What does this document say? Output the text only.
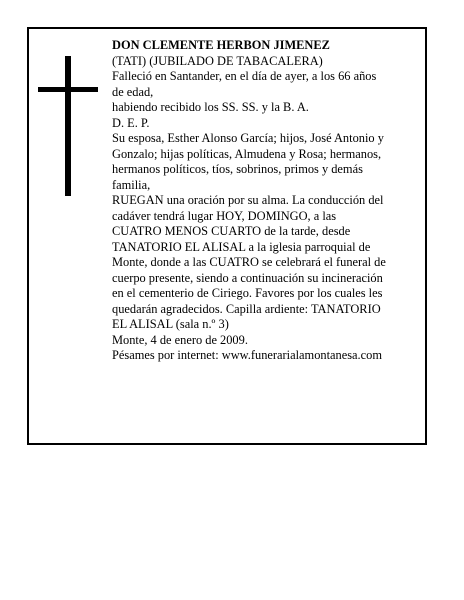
DON CLEMENTE HERBON JIMENEZ
(TATI) (JUBILADO DE TABACALERA)
Falleció en Santander, en el día de ayer, a los 66 años
de edad,
habiendo recibido los SS. SS. y la B. A.
D. E. P.
Su esposa, Esther Alonso García; hijos, José Antonio y
Gonzalo; hijas políticas, Almudena y Rosa; hermanos,
hermanos políticos, tíos, sobrinos, primos y demás
familia,
RUEGAN una oración por su alma. La conducción del
cadáver tendrá lugar HOY, DOMINGO, a las
CUATRO MENOS CUARTO de la tarde, desde
TANATORIO EL ALISAL a la iglesia parroquial de
Monte, donde a las CUATRO se celebrará el funeral de
cuerpo presente, siendo a continuación su incineración
en el cementerio de Ciriego. Favores por los cuales les
quedarán agradecidos. Capilla ardiente: TANATORIO
EL ALISAL (sala n.º 3)
Monte, 4 de enero de 2009.
Pésames por internet: www.funerarialamontanesa.com
